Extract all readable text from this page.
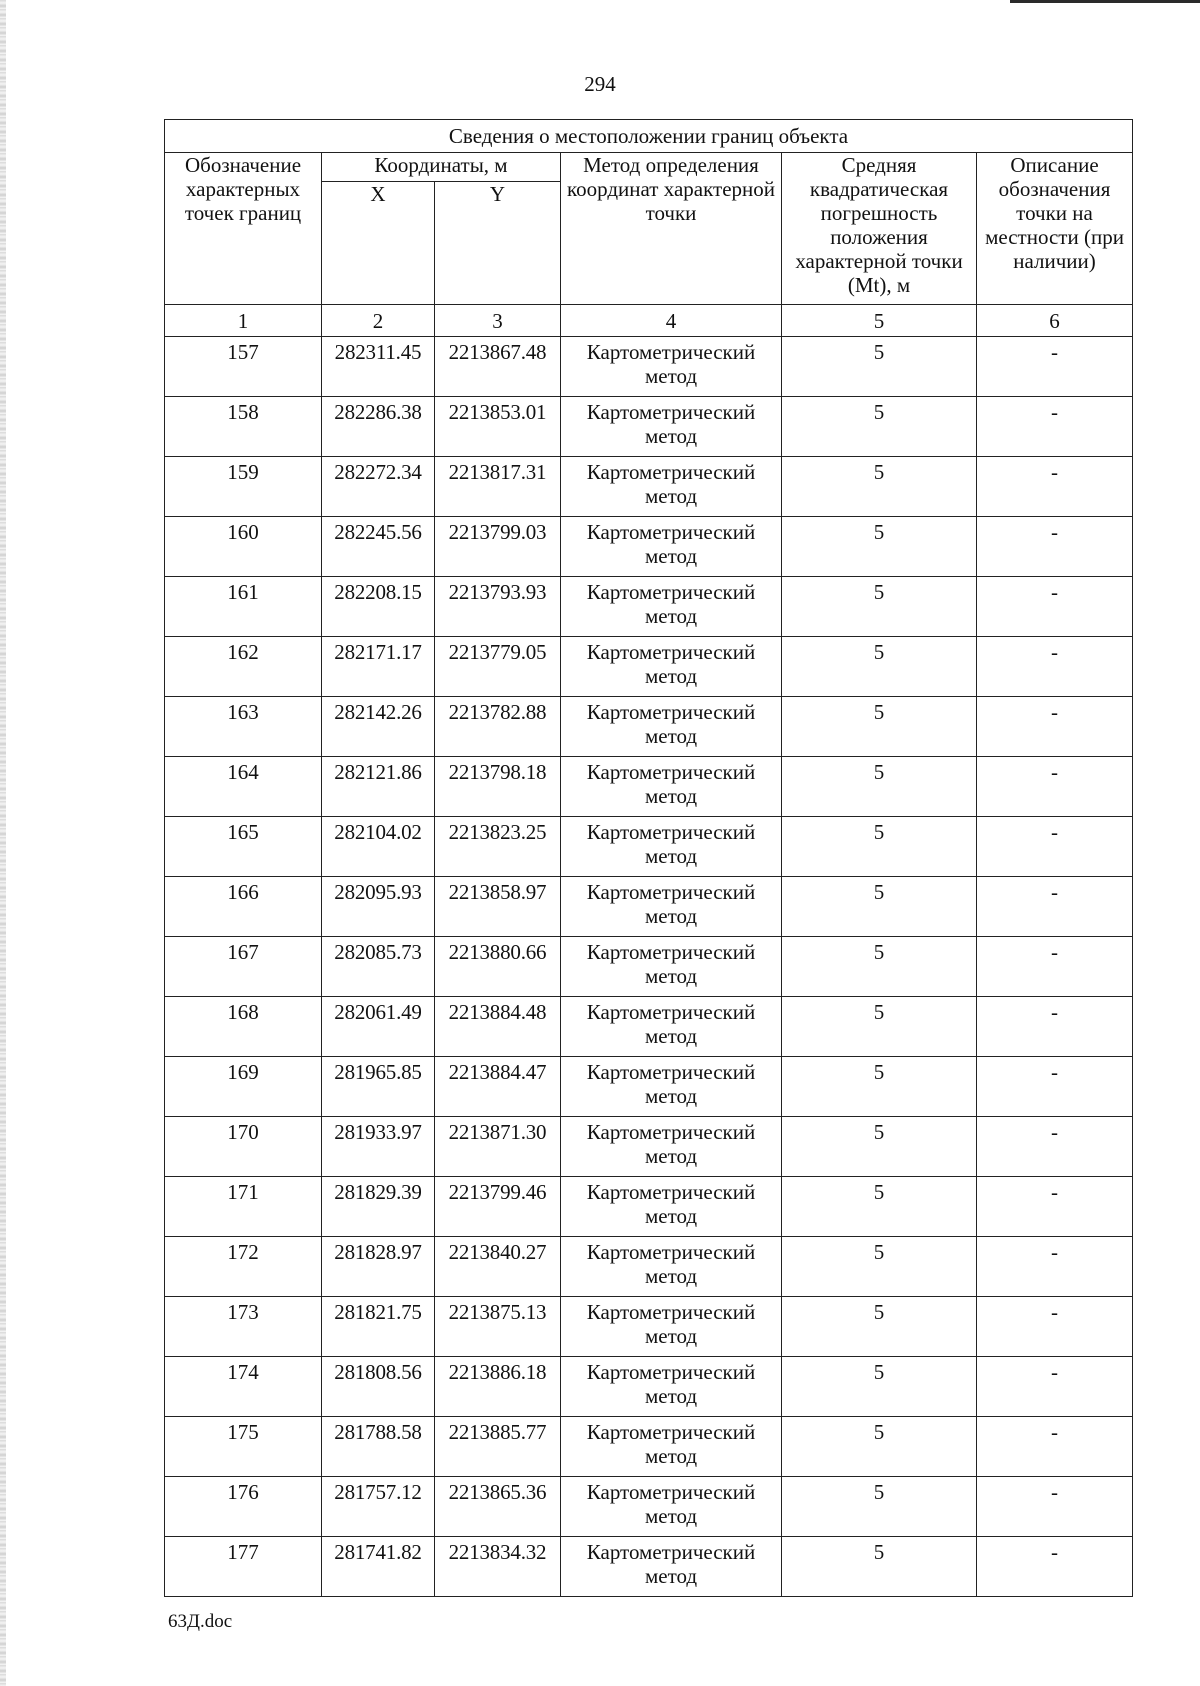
294
Сведения о местоположении границ объекта					
Обозначение характерных точек границ	Координаты, м		Метод определения координат характерной точки	Средняя квадратическая погрешность положения характерной точки (Mt), м	Описание обозначения точки на местности (при наличии)
	X	Y			
1	2	3	4	5	6
157	282311.45	2213867.48	Картометрический метод	5	-
158	282286.38	2213853.01	Картометрический метод	5	-
159	282272.34	2213817.31	Картометрический метод	5	-
160	282245.56	2213799.03	Картометрический метод	5	-
161	282208.15	2213793.93	Картометрический метод	5	-
162	282171.17	2213779.05	Картометрический метод	5	-
163	282142.26	2213782.88	Картометрический метод	5	-
164	282121.86	2213798.18	Картометрический метод	5	-
165	282104.02	2213823.25	Картометрический метод	5	-
166	282095.93	2213858.97	Картометрический метод	5	-
167	282085.73	2213880.66	Картометрический метод	5	-
168	282061.49	2213884.48	Картометрический метод	5	-
169	281965.85	2213884.47	Картометрический метод	5	-
170	281933.97	2213871.30	Картометрический метод	5	-
171	281829.39	2213799.46	Картометрический метод	5	-
172	281828.97	2213840.27	Картометрический метод	5	-
173	281821.75	2213875.13	Картометрический метод	5	-
174	281808.56	2213886.18	Картометрический метод	5	-
175	281788.58	2213885.77	Картометрический метод	5	-
176	281757.12	2213865.36	Картометрический метод	5	-
177	281741.82	2213834.32	Картометрический метод	5	-
63Д.doc
